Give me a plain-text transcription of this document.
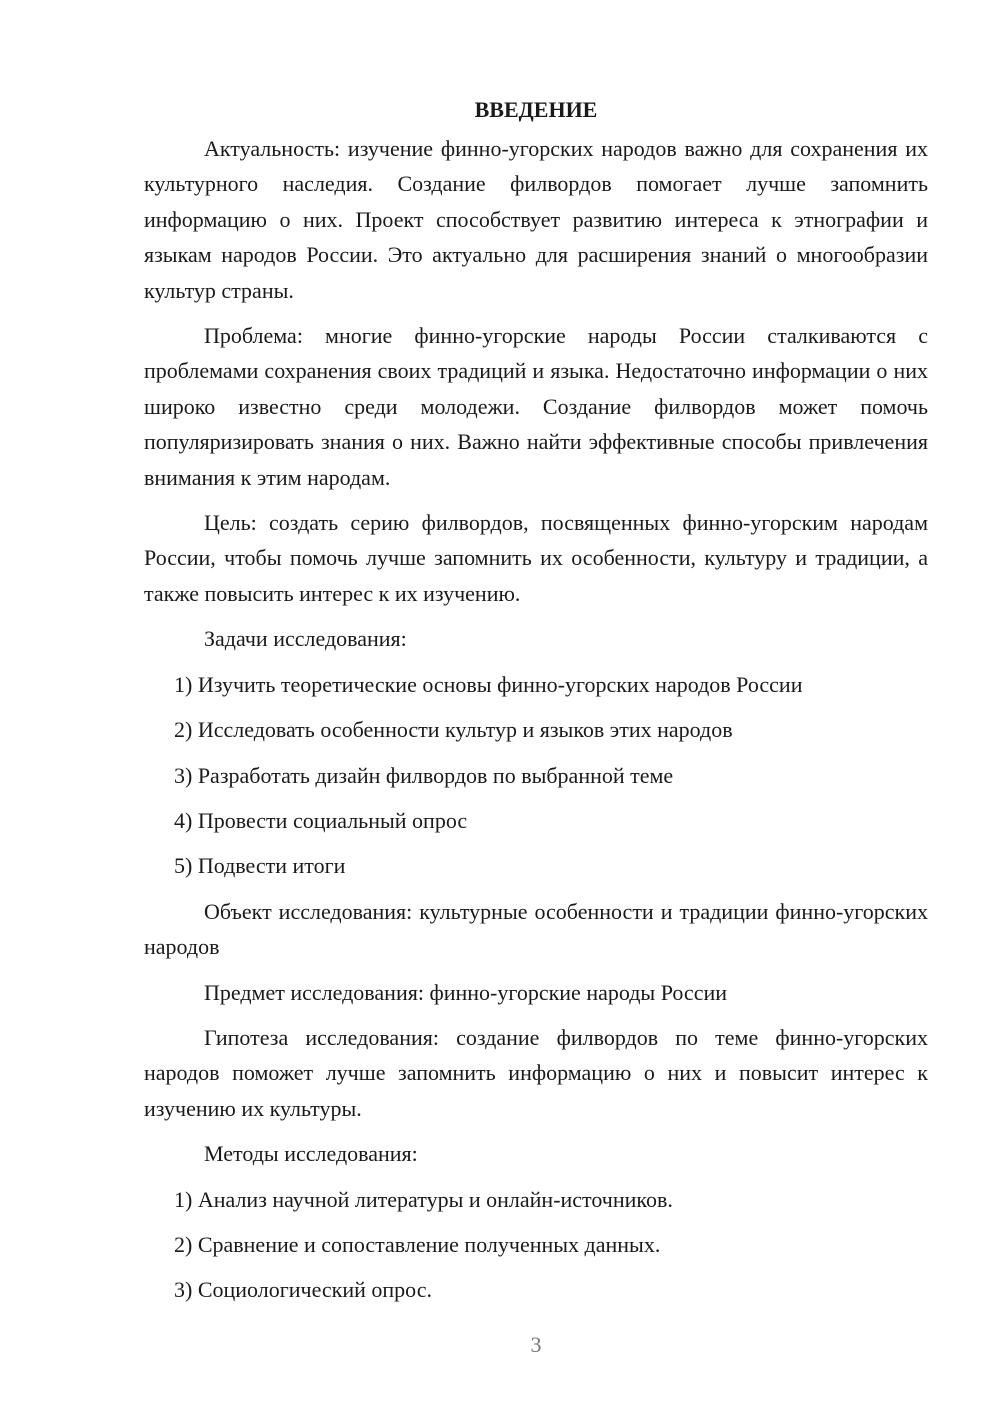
ВВЕДЕНИЕ

Актуальность: изучение финно-угорских народов важно для сохранения их культурного наследия. Создание филвордов помогает лучше запомнить информацию о них. Проект способствует развитию интереса к этнографии и языкам народов России. Это актуально для расширения знаний о многообразии культур страны.

Проблема: многие финно-угорские народы России сталкиваются с проблемами сохранения своих традиций и языка. Недостаточно информации о них широко известно среди молодежи. Создание филвордов может помочь популяризировать знания о них. Важно найти эффективные способы привлечения внимания к этим народам.

Цель: создать серию филвордов, посвященных финно-угорским народам России, чтобы помочь лучше запомнить их особенности, культуру и традиции, а также повысить интерес к их изучению.

Задачи исследования:

1) Изучить теоретические основы финно-угорских народов России

2) Исследовать особенности культур и языков этих народов

3) Разработать дизайн филвордов по выбранной теме

4) Провести социальный опрос

5) Подвести итоги

Объект исследования: культурные особенности и традиции финно-угорских народов

Предмет исследования: финно-угорские народы России

Гипотеза исследования: создание филвордов по теме финно-угорских народов поможет лучше запомнить информацию о них и повысит интерес к изучению их культуры.

Методы исследования:

1) Анализ научной литературы и онлайн-источников.

2) Сравнение и сопоставление полученных данных.

3) Социологический опрос.

3
